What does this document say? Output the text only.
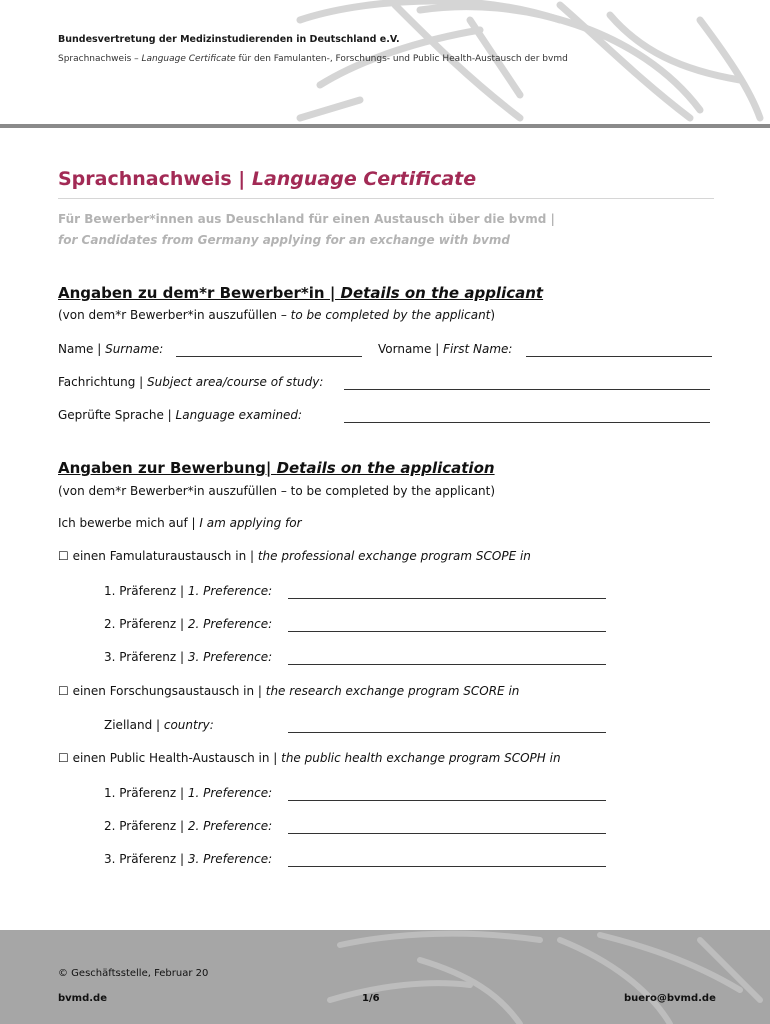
Bundesvertretung der Medizinstudierenden in Deutschland e.V.
Sprachnachweis – Language Certificate für den Famulanten-, Forschungs- und Public Health-Austausch der bvmd
Sprachnachweis | Language Certificate
Für Bewerber*innen aus Deuschland für einen Austausch über die bvmd |
for Candidates from Germany applying for an exchange with bvmd
Angaben zu dem*r Bewerber*in | Details on the applicant
(von dem*r Bewerber*in auszufüllen – to be completed by the applicant)
Name | Surname:	Vorname | First Name:
Fachrichtung | Subject area/course of study:
Geprüfte Sprache | Language examined:
Angaben zur Bewerbung| Details on the application
(von dem*r Bewerber*in auszufüllen – to be completed by the applicant)
Ich bewerbe mich auf | I am applying for
☐ einen Famulaturaustausch in | the professional exchange program SCOPE in
1. Präferenz | 1. Preference:
2. Präferenz | 2. Preference:
3. Präferenz | 3. Preference:
☐ einen Forschungsaustausch in | the research exchange program SCORE in
Zielland | country:
☐ einen Public Health-Austausch in | the public health exchange program SCOPH in
1. Präferenz | 1. Preference:
2. Präferenz | 2. Preference:
3. Präferenz | 3. Preference:
© Geschäftsstelle, Februar 20
bvmd.de	1/6	buero@bvmd.de
